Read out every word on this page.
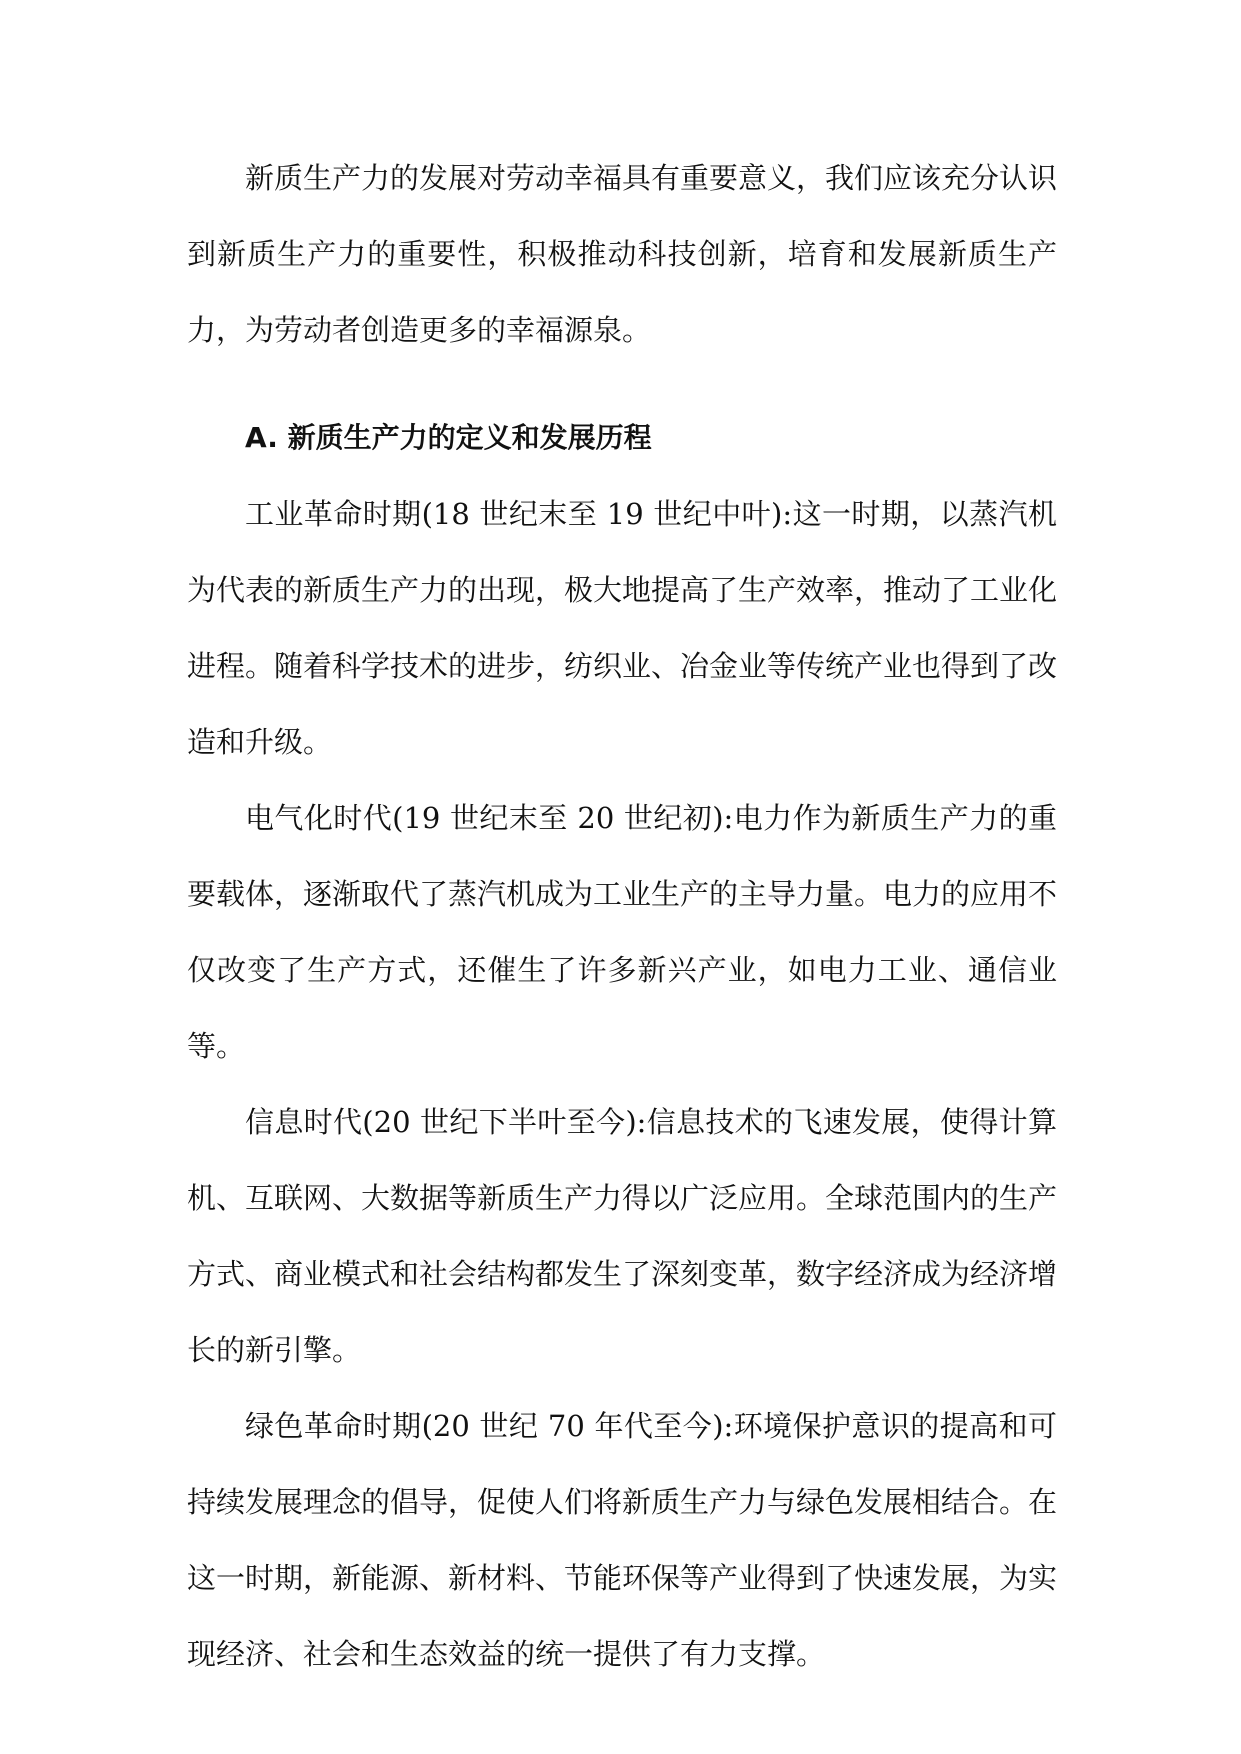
新质生产力的发展对劳动幸福具有重要意义，我们应该充分认识到新质生产力的重要性，积极推动科技创新，培育和发展新质生产力，为劳动者创造更多的幸福源泉。

A. 新质生产力的定义和发展历程

工业革命时期(18 世纪末至 19 世纪中叶):这一时期，以蒸汽机为代表的新质生产力的出现，极大地提高了生产效率，推动了工业化进程。随着科学技术的进步，纺织业、冶金业等传统产业也得到了改造和升级。

电气化时代(19 世纪末至 20 世纪初):电力作为新质生产力的重要载体，逐渐取代了蒸汽机成为工业生产的主导力量。电力的应用不仅改变了生产方式，还催生了许多新兴产业，如电力工业、通信业等。

信息时代(20 世纪下半叶至今):信息技术的飞速发展，使得计算机、互联网、大数据等新质生产力得以广泛应用。全球范围内的生产方式、商业模式和社会结构都发生了深刻变革，数字经济成为经济增长的新引擎。

绿色革命时期(20 世纪 70 年代至今):环境保护意识的提高和可持续发展理念的倡导，促使人们将新质生产力与绿色发展相结合。在这一时期，新能源、新材料、节能环保等产业得到了快速发展，为实现经济、社会和生态效益的统一提供了有力支撑。
